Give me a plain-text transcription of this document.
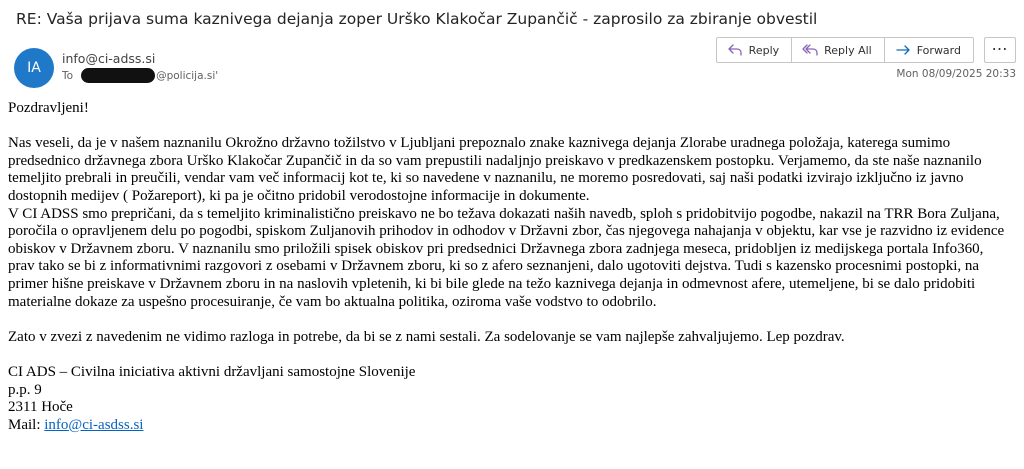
RE: Vaša prijava suma kaznivega dejanja zoper Urško Klakočar Zupančič - zaprosilo za zbiranje obvestil
IA
info@ci-adss.si
To	@policija.si'
Reply	Reply All	Forward ⋯
Mon 08/09/2025 20:33

Pozdravljeni!

Nas veseli, da je v našem naznanilu Okrožno državno tožilstvo v Ljubljani prepoznalo znake kaznivega dejanja Zlorabe uradnega položaja, katerega sumimo predsednico državnega zbora Urško Klakočar Zupančič in da so vam prepustili nadaljnjo preiskavo v predkazenskem postopku. Verjamemo, da ste naše naznanilo temeljito prebrali in preučili, vendar vam več informacij kot te, ki so navedene v naznanilu, ne moremo posredovati, saj naši podatki izvirajo izključno iz javno dostopnih medijev ( Požareport), ki pa je očitno pridobil verodostojne informacije in dokumente.

V CI ADSS smo prepričani, da s temeljito kriminalistično preiskavo ne bo težava dokazati naših navedb, sploh s pridobitvijo pogodbe, nakazil na TRR Bora Zuljana, poročila o opravljenem delu po pogodbi, spiskom Zuljanovih prihodov in odhodov v Državni zbor, čas njegovega nahajanja v objektu, kar vse je razvidno iz evidence obiskov v Državnem zboru. V naznanilu smo priložili spisek obiskov pri predsednici Državnega zbora zadnjega meseca, pridobljen iz medijskega portala Info360, prav tako se bi z informativnimi razgovori z osebami v Državnem zboru, ki so z afero seznanjeni, dalo ugotoviti dejstva. Tudi s kazensko procesnimi postopki, na primer hišne preiskave v Državnem zboru in na naslovih vpletenih, ki bi bile glede na težo kaznivega dejanja in odmevnost afere, utemeljene, bi se dalo pridobiti materialne dokaze za uspešno procesuiranje, če vam bo aktualna politika, oziroma vaše vodstvo to odobrilo.

Zato v zvezi z navedenim ne vidimo razloga in potrebe, da bi se z nami sestali. Za sodelovanje se vam najlepše zahvaljujemo. Lep pozdrav.

CI ADS – Civilna iniciativa aktivni državljani samostojne Slovenije

p.p. 9

2311 Hoče

Mail: info@ci-asdss.si
